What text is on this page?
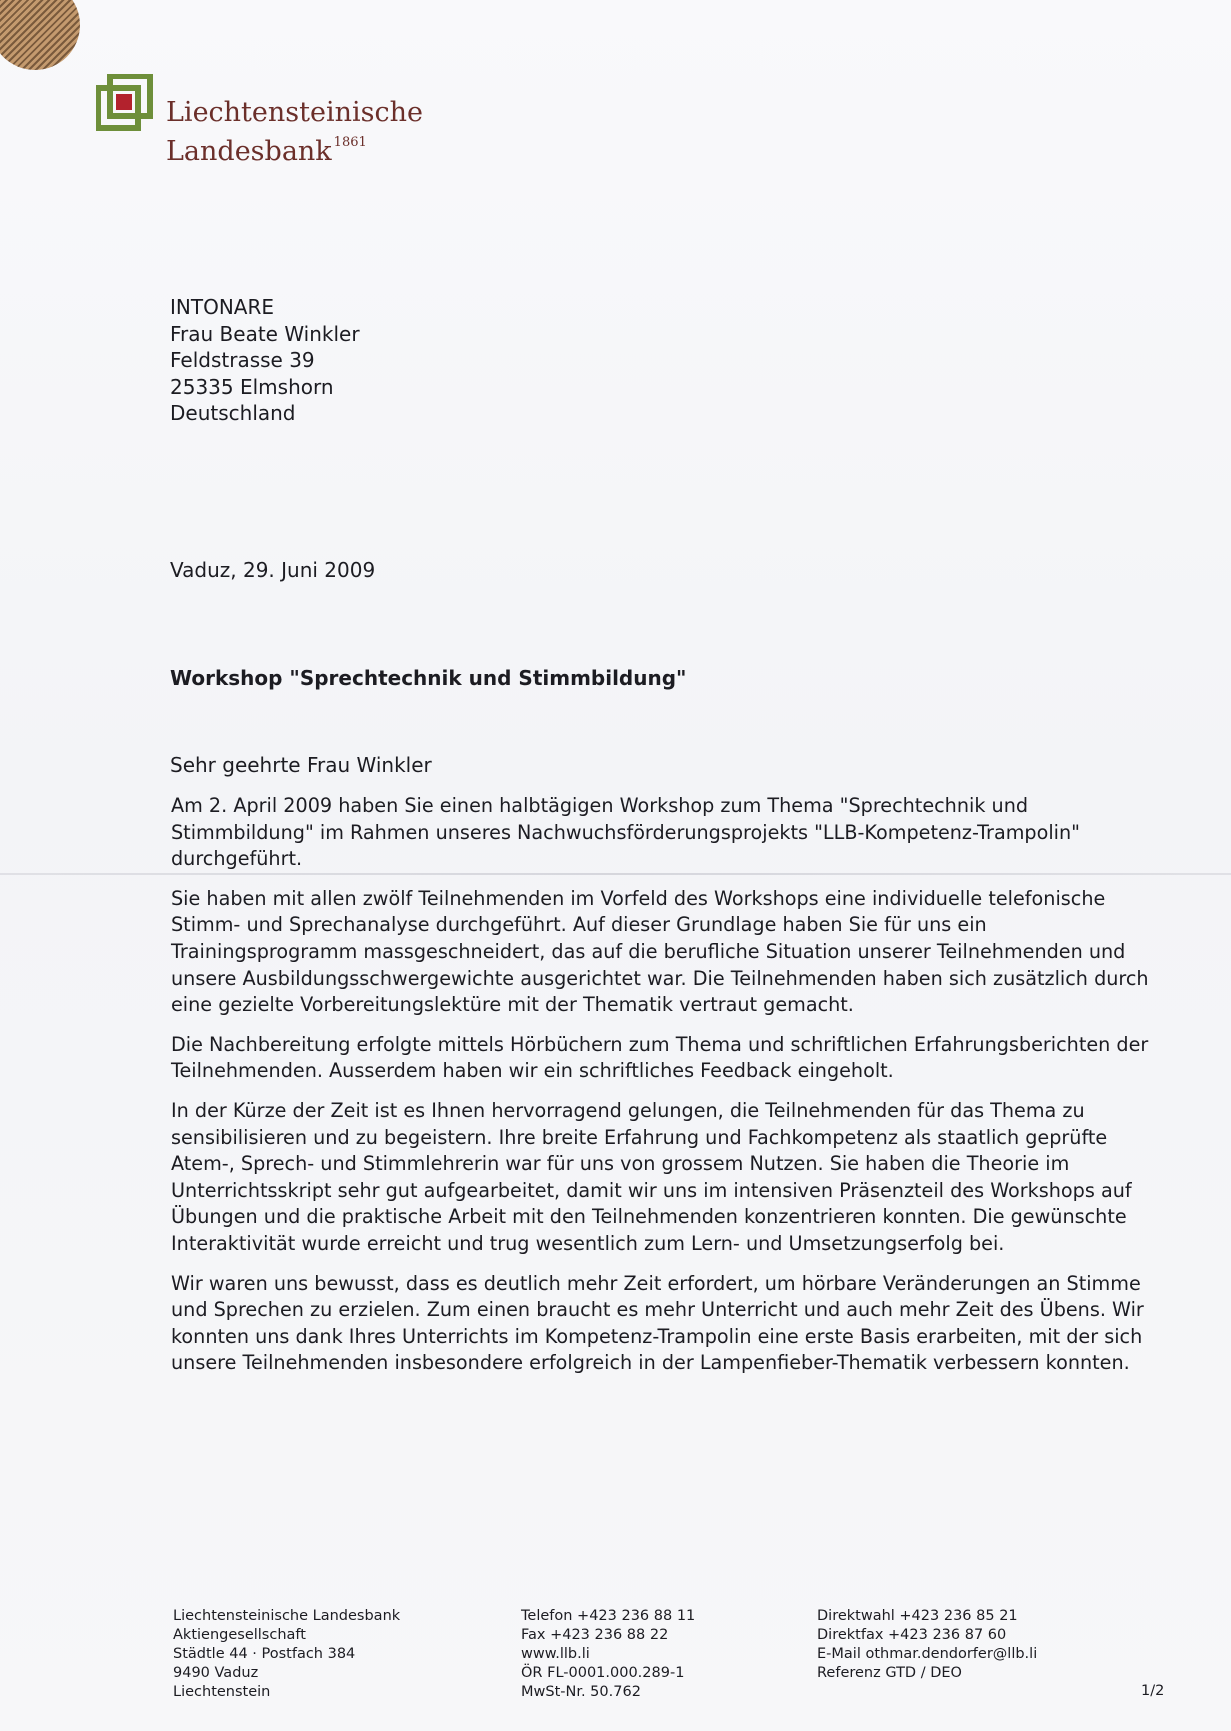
Liechtensteinische
Landesbank $^{1861}$
INTONARE
Frau Beate Winkler
Feldstrasse 39
25335 Elmshorn
Deutschland
Vaduz, 29. Juni 2009
Workshop "Sprechtechnik und Stimmbildung"
Sehr geehrte Frau Winkler

Am 2. April 2009 haben Sie einen halbtägigen Workshop zum Thema "Sprechtechnik und Stimmbildung" im Rahmen unseres Nachwuchsförderungsprojekts "LLB-Kompetenz-Trampolin" durchgeführt.

Sie haben mit allen zwölf Teilnehmenden im Vorfeld des Workshops eine individuelle telefonische Stimm- und Sprechanalyse durchgeführt. Auf dieser Grundlage haben Sie für uns ein Trainingsprogramm massgeschneidert, das auf die berufliche Situation unserer Teilnehmenden und unsere Ausbildungsschwergewichte ausgerichtet war. Die Teilnehmenden haben sich zusätzlich durch eine gezielte Vorbereitungslektüre mit der Thematik vertraut gemacht.

Die Nachbereitung erfolgte mittels Hörbüchern zum Thema und schriftlichen Erfahrungsberichten der Teilnehmenden. Ausserdem haben wir ein schriftliches Feedback eingeholt.

In der Kürze der Zeit ist es Ihnen hervorragend gelungen, die Teilnehmenden für das Thema zu sensibilisieren und zu begeistern. Ihre breite Erfahrung und Fachkompetenz als staatlich geprüfte Atem-, Sprech- und Stimmlehrerin war für uns von grossem Nutzen. Sie haben die Theorie im Unterrichtsskript sehr gut aufgearbeitet, damit wir uns im intensiven Präsenzteil des Workshops auf Übungen und die praktische Arbeit mit den Teilnehmenden konzentrieren konnten. Die gewünschte Interaktivität wurde erreicht und trug wesentlich zum Lern- und Umsetzungserfolg bei.

Wir waren uns bewusst, dass es deutlich mehr Zeit erfordert, um hörbare Veränderungen an Stimme und Sprechen zu erzielen. Zum einen braucht es mehr Unterricht und auch mehr Zeit des Übens. Wir konnten uns dank Ihres Unterrichts im Kompetenz-Trampolin eine erste Basis erarbeiten, mit der sich unsere Teilnehmenden insbesondere erfolgreich in der Lampenfieber-Thematik verbessern konnten.

Liechtensteinische Landesbank
Aktiengesellschaft
Städtle 44 · Postfach 384
9490 Vaduz
Liechtenstein
Telefon +423 236 88 11
Fax +423 236 88 22
www.llb.li
ÖR FL-0001.000.289-1
MwSt-Nr. 50.762
Direktwahl +423 236 85 21
Direktfax +423 236 87 60
E-Mail othmar.dendorfer@llb.li
Referenz GTD / DEO
1/2
